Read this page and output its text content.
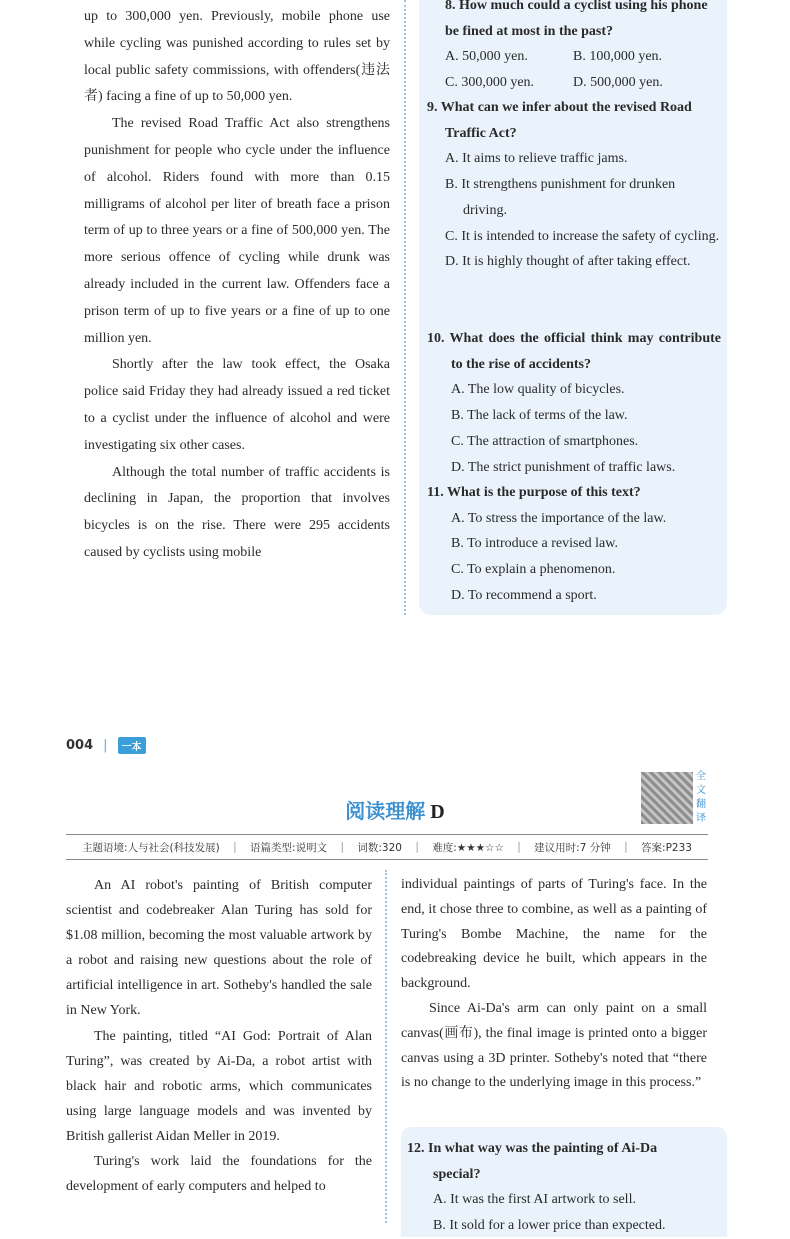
up to 300,000 yen. Previously, mobile phone use while cycling was punished according to rules set by local public safety commissions, with offenders(违法者) facing a fine of up to 50,000 yen.

The revised Road Traffic Act also strengthens punishment for people who cycle under the influence of alcohol. Riders found with more than 0.15 milligrams of alcohol per liter of breath face a prison term of up to three years or a fine of 500,000 yen. The more serious offence of cycling while drunk was already included in the current law. Offenders face a prison term of up to five years or a fine of up to one million yen.

Shortly after the law took effect, the Osaka police said Friday they had already issued a red ticket to a cyclist under the influence of alcohol and were investigating six other cases.

Although the total number of traffic accidents is declining in Japan, the proportion that involves bicycles is on the rise. There were 295 accidents caused by cyclists using mobile

8. How much could a cyclist using his phone be fined at most in the past?
A. 50,000 yen.	B. 100,000 yen.
C. 300,000 yen.	D. 500,000 yen.
9. What can we infer about the revised Road Traffic Act?
A. It aims to relieve traffic jams.
B. It strengthens punishment for drunken driving.
C. It is intended to increase the safety of cycling.
D. It is highly thought of after taking effect.
10. What does the official think may contribute to the rise of accidents?
A. The low quality of bicycles.
B. The lack of terms of the law.
C. The attraction of smartphones.
D. The strict punishment of traffic laws.
11. What is the purpose of this text?
A. To stress the importance of the law.
B. To introduce a revised law.
C. To explain a phenomenon.
D. To recommend a sport.
004 |	一本
阅读理解 D
全
文
翻
译
主题语境:人与社会(科技发展) | 语篇类型:说明文 | 词数:320 | 难度:★★★☆☆ | 建议用时:7 分钟 | 答案:P233

An AI robot's painting of British computer scientist and codebreaker Alan Turing has sold for $1.08 million, becoming the most valuable artwork by a robot and raising new questions about the role of artificial intelligence in art. Sotheby's handled the sale in New York.

The painting, titled “AI God: Portrait of Alan Turing”, was created by Ai-Da, a robot artist with black hair and robotic arms, which communicates using large language models and was invented by British gallerist Aidan Meller in 2019.

Turing's work laid the foundations for the development of early computers and helped to

individual paintings of parts of Turing's face. In the end, it chose three to combine, as well as a painting of Turing's Bombe Machine, the name for the codebreaking device he built, which appears in the background.

Since Ai-Da's arm can only paint on a small canvas(画布), the final image is printed onto a bigger canvas using a 3D printer. Sotheby's noted that “there is no change to the underlying image in this process.”

12. In what way was the painting of Ai-Da special?
A. It was the first AI artwork to sell.
B. It sold for a lower price than expected.
